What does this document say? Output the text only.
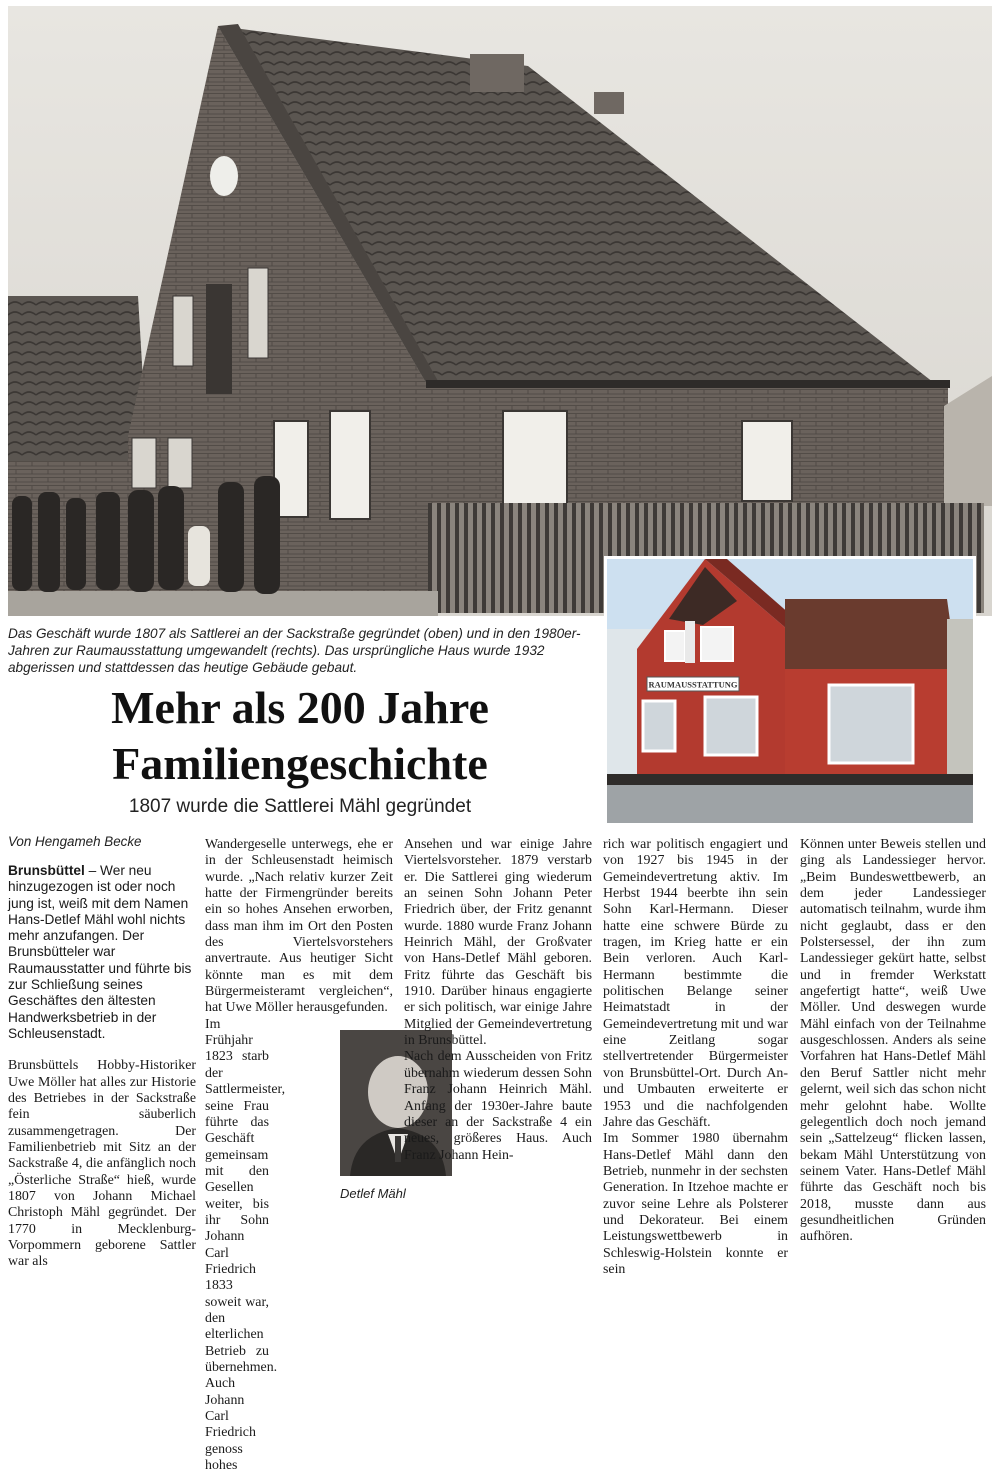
RAUMAUSSTATTUNG
Das Geschäft wurde 1807 als Sattlerei an der Sackstraße gegründet (oben) und in den 1980er-Jahren zur Raumausstattung umgewandelt (rechts). Das ursprüngliche Haus wurde 1932 abgerissen und stattdessen das heutige Gebäude gebaut.
Mehr als 200 Jahre
Familiengeschichte
1807 wurde die Sattlerei Mähl gegründet
Von Hengameh Becke

Brunsbüttel – Wer neu hinzugezogen ist oder noch jung ist, weiß mit dem Namen Hans-Detlef Mähl wohl nichts mehr anzufangen. Der Brunsbütteler war Raumausstatter und führte bis zur Schließung seines Geschäftes den ältesten Handwerksbetrieb in der Schleusenstadt.

Brunsbüttels Hobby-Historiker Uwe Möller hat alles zur Historie des Betriebes in der Sackstraße fein säuberlich zusammengetragen. Der Familienbetrieb mit Sitz an der Sackstraße 4, die anfänglich noch „Österliche Straße“ hieß, wurde 1807 von Johann Michael Christoph Mähl gegründet. Der 1770 in Mecklenburg-Vorpommern geborene Sattler war als

Wandergeselle unterwegs, ehe er in der Schleusenstadt heimisch wurde. „Nach relativ kurzer Zeit hatte der Firmengründer bereits ein so hohes Ansehen erworben, dass man ihm im Ort den Posten des Viertelsvorstehers anvertraute. Aus heutiger Sicht könnte man es mit dem Bürgermeisteramt vergleichen“, hat Uwe Möller herausgefunden.

Im Frühjahr 1823 starb der Sattlermeister, seine Frau führte das Geschäft gemeinsam mit den Gesellen weiter, bis ihr Sohn Johann Carl Friedrich 1833 soweit war, den elterlichen Betrieb zu übernehmen. Auch Johann Carl Friedrich genoss hohes

Detlef Mähl

Ansehen und war einige Jahre Viertelsvorsteher. 1879 verstarb er. Die Sattlerei ging wiederum an seinen Sohn Johann Peter Friedrich über, der Fritz genannt wurde. 1880 wurde Franz Johann Heinrich Mähl, der Großvater von Hans-Detlef Mähl geboren. Fritz führte das Geschäft bis 1910. Darüber hinaus engagierte er sich politisch, war einige Jahre Mitglied der Gemeindevertretung in Brunsbüttel.

Nach dem Ausscheiden von Fritz übernahm wiederum dessen Sohn Franz Johann Heinrich Mähl. Anfang der 1930er-Jahre baute dieser an der Sackstraße 4 ein neues, größeres Haus. Auch Franz Johann Hein-

rich war politisch engagiert und von 1927 bis 1945 in der Gemeindevertretung aktiv. Im Herbst 1944 beerbte ihn sein Sohn Karl-Hermann. Dieser hatte eine schwere Bürde zu tragen, im Krieg hatte er ein Bein verloren. Auch Karl-Hermann bestimmte die politischen Belange seiner Heimatstadt in der Gemeindevertretung mit und war eine Zeitlang sogar stellvertretender Bürgermeister von Brunsbüttel-Ort. Durch An- und Umbauten erweiterte er 1953 und die nachfolgenden Jahre das Geschäft.

Im Sommer 1980 übernahm Hans-Detlef Mähl dann den Betrieb, nunmehr in der sechsten Generation. In Itzehoe machte er zuvor seine Lehre als Polsterer und Dekorateur. Bei einem Leistungswettbewerb in Schleswig-Holstein konnte er sein

Können unter Beweis stellen und ging als Landessieger hervor. „Beim Bundeswettbewerb, an dem jeder Landessieger automatisch teilnahm, wurde ihm nicht geglaubt, dass er den Polstersessel, der ihn zum Landessieger gekürt hatte, selbst und in fremder Werkstatt angefertigt hatte“, weiß Uwe Möller. Und deswegen wurde Mähl einfach von der Teilnahme ausgeschlossen. Anders als seine Vorfahren hat Hans-Detlef Mähl den Beruf Sattler nicht mehr gelernt, weil sich das schon nicht mehr gelohnt habe. Wollte gelegentlich doch noch jemand sein „Sattelzeug“ flicken lassen, bekam Mähl Unterstützung von seinem Vater. Hans-Detlef Mähl führte das Geschäft noch bis 2018, musste dann aus gesundheitlichen Gründen aufhören.
